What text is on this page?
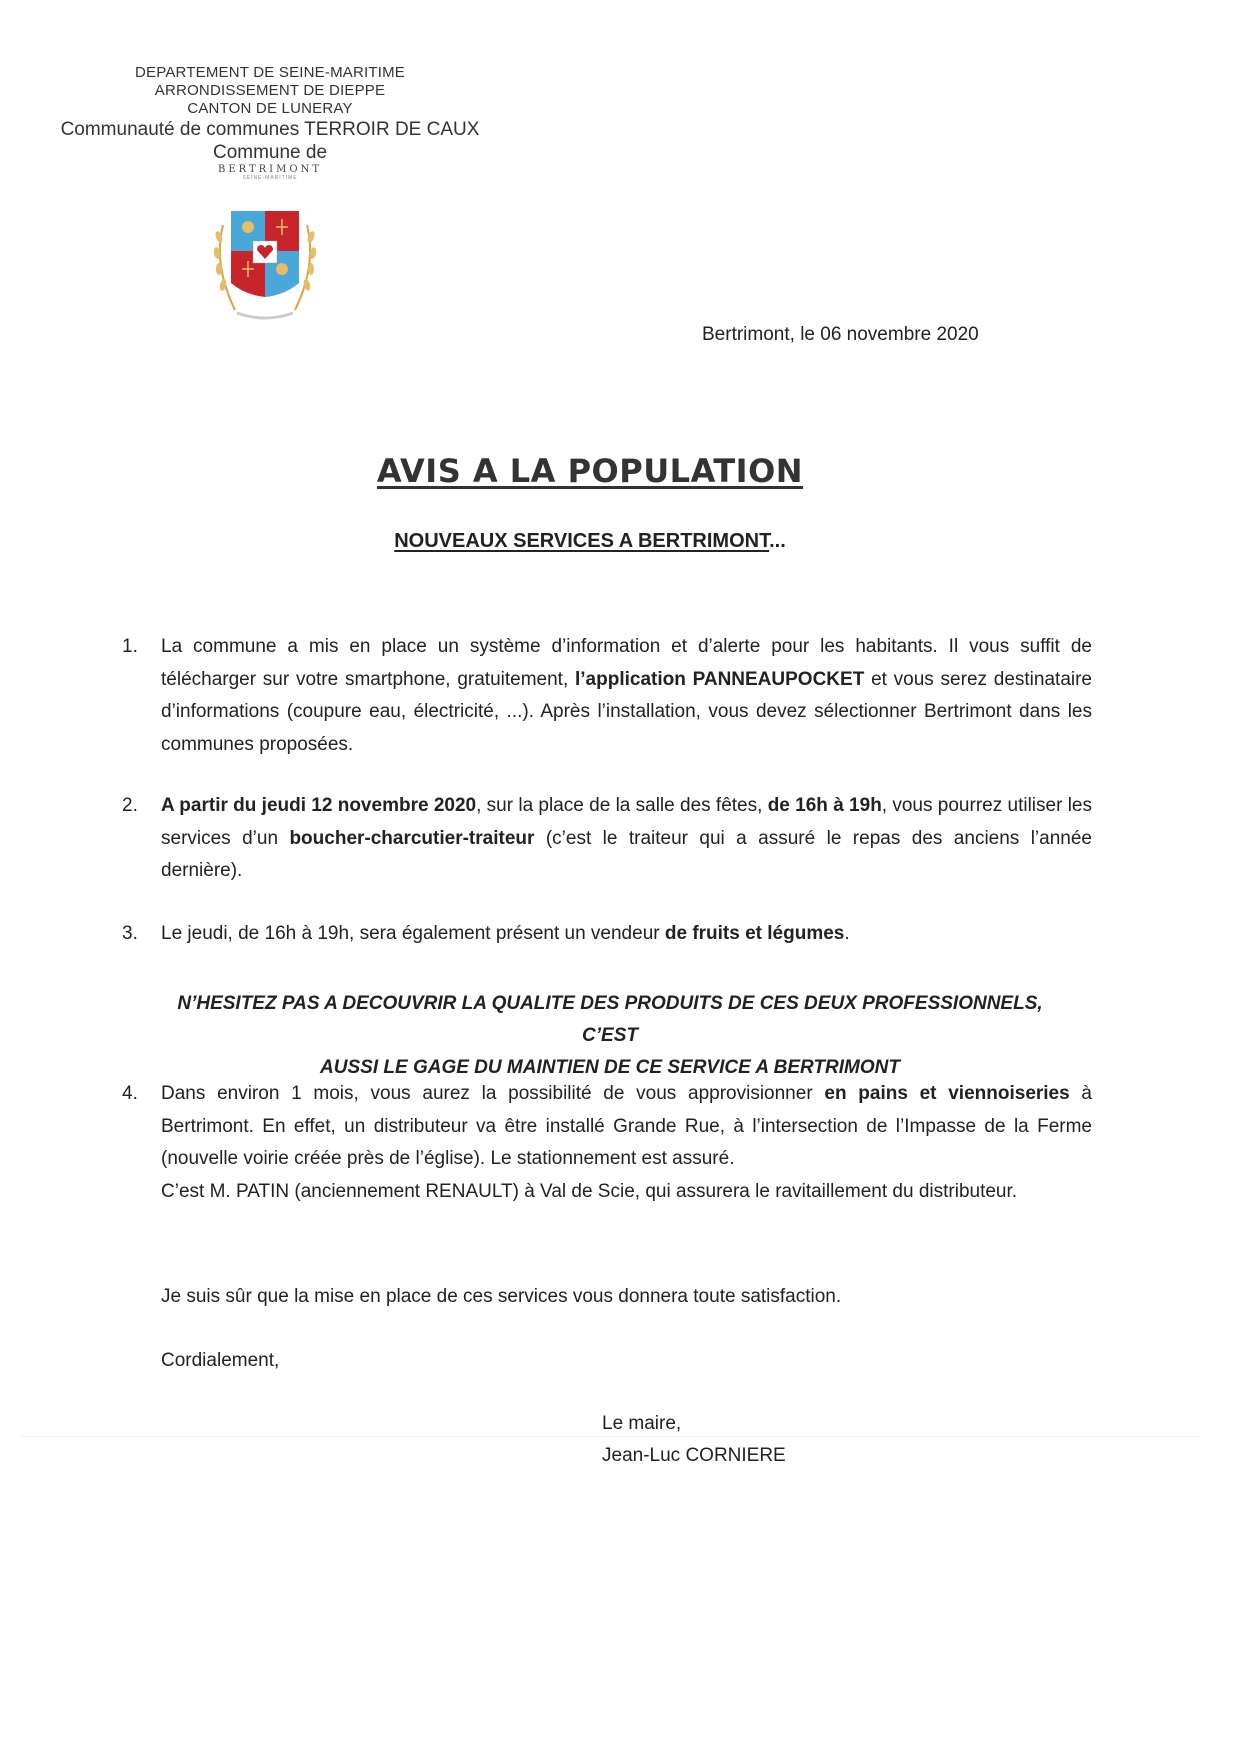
DEPARTEMENT DE SEINE-MARITIME
ARRONDISSEMENT DE DIEPPE
CANTON DE LUNERAY
Communauté de communes TERROIR DE CAUX
Commune de
BERTRIMONT
SEINE-MARITIME
Bertrimont, le 06 novembre 2020
AVIS A LA POPULATION
NOUVEAUX SERVICES A BERTRIMONT...
1.	La commune a mis en place un système d’information et d’alerte pour les habitants. Il vous suffit de télécharger sur votre smartphone, gratuitement, l’application PANNEAUPOCKET et vous serez destinataire d’informations (coupure eau, électricité, ...). Après l’installation, vous devez sélectionner Bertrimont dans les communes proposées.
2.	A partir du jeudi 12 novembre 2020, sur la place de la salle des fêtes, de 16h à 19h, vous pourrez utiliser les services d’un boucher-charcutier-traiteur (c’est le traiteur qui a assuré le repas des anciens l’année dernière).
3.	Le jeudi, de 16h à 19h, sera également présent un vendeur de fruits et légumes.
N’HESITEZ PAS A DECOUVRIR LA QUALITE DES PRODUITS DE CES DEUX PROFESSIONNELS, C’EST
AUSSI LE GAGE DU MAINTIEN DE CE SERVICE A BERTRIMONT
4.	Dans environ 1 mois, vous aurez la possibilité de vous approvisionner en pains et viennoiseries à Bertrimont. En effet, un distributeur va être installé Grande Rue, à l’intersection de l’Impasse de la Ferme (nouvelle voirie créée près de l’église). Le stationnement est assuré.
C’est M. PATIN (anciennement RENAULT) à Val de Scie, qui assurera le ravitaillement du distributeur.
Je suis sûr que la mise en place de ces services vous donnera toute satisfaction.
Cordialement,
Le maire,
Jean-Luc CORNIERE
